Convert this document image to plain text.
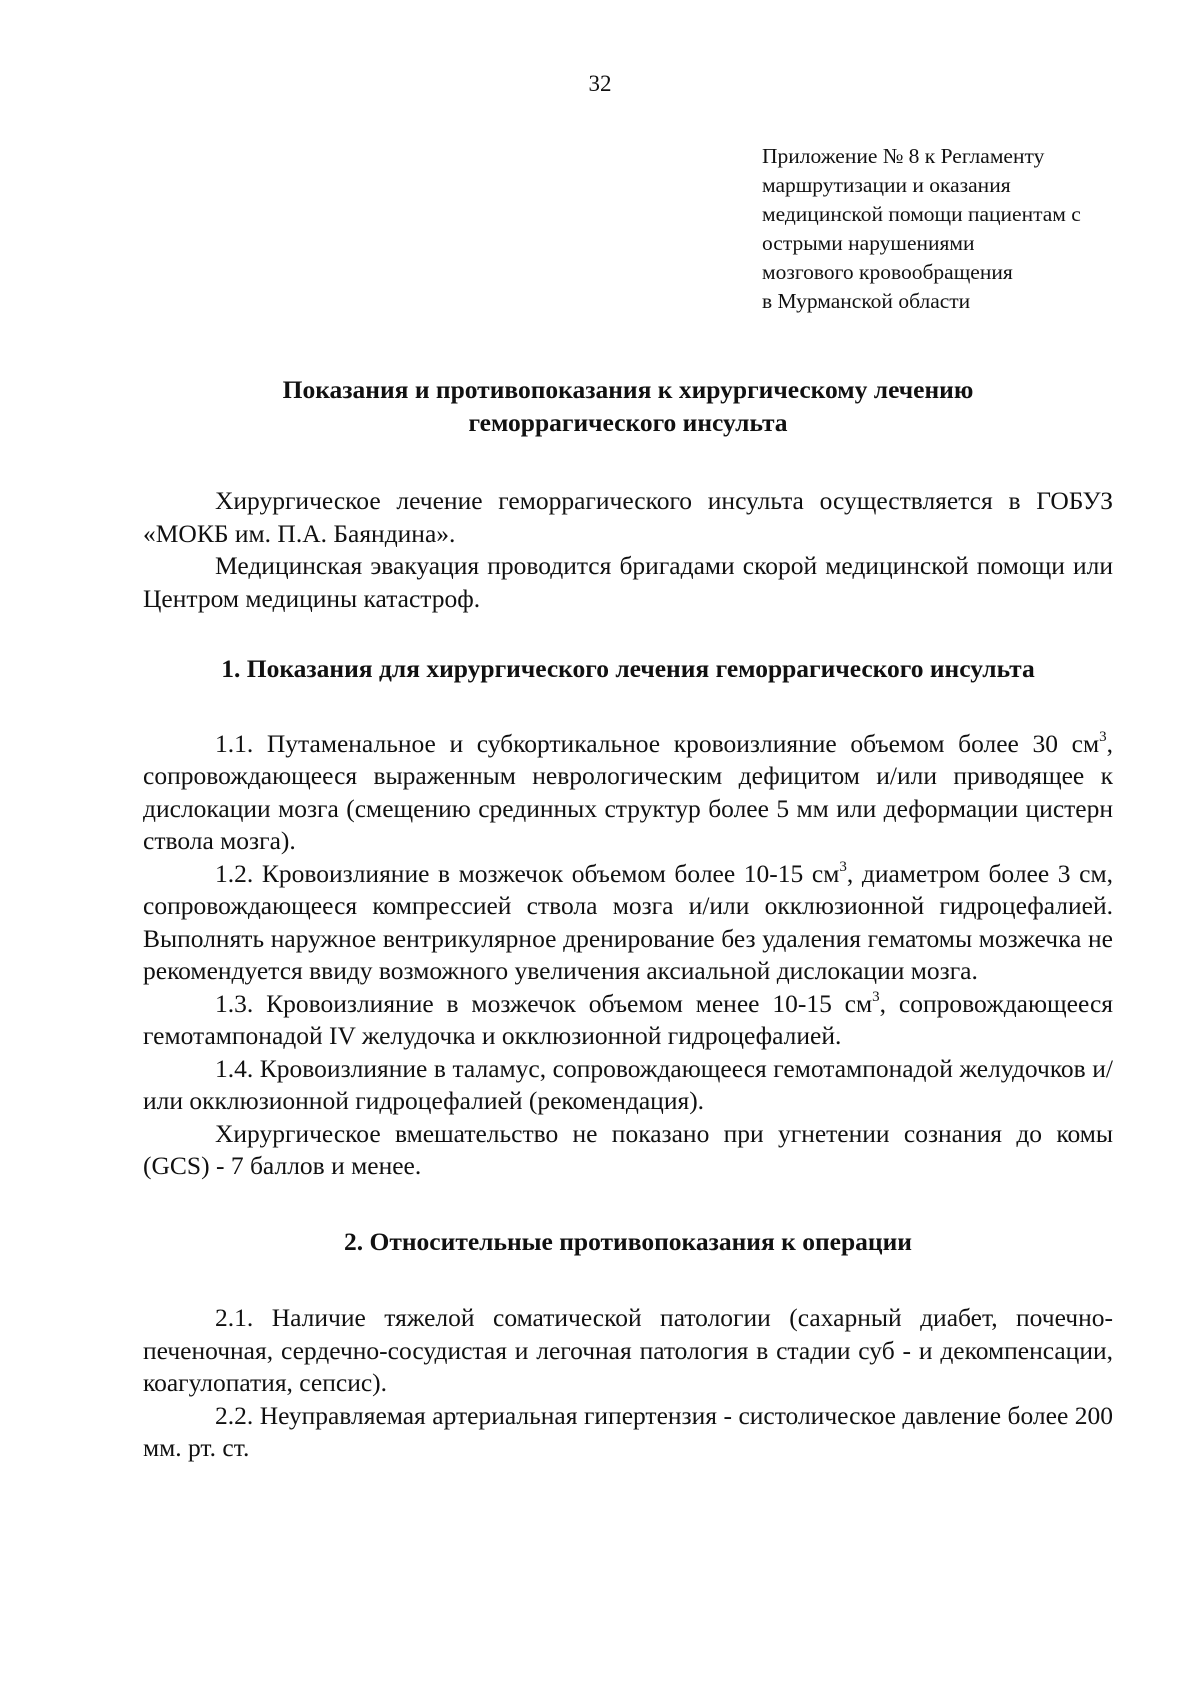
32
Приложение № 8 к Регламенту
маршрутизации и оказания
медицинской помощи пациентам с
острыми нарушениями
мозгового кровообращения
в Мурманской области
Показания и противопоказания к хирургическому лечению
геморрагического инсульта

Хирургическое лечение геморрагического инсульта осуществляется в ГОБУЗ «МОКБ им. П.А. Баяндина».

Медицинская эвакуация проводится бригадами скорой медицинской помощи или Центром медицины катастроф.

1. Показания для хирургического лечения геморрагического инсульта

1.1. Путаменальное и субкортикальное кровоизлияние объемом более 30 $см^3$, сопровождающееся выраженным неврологическим дефицитом и/или приводящее к дислокации мозга (смещению срединных структур более 5 мм или деформации цистерн ствола мозга).

1.2. Кровоизлияние в мозжечок объемом более 10-15 $см^3$, диаметром более 3 см, сопровождающееся компрессией ствола мозга и/или окклюзионной гидроцефалией. Выполнять наружное вентрикулярное дренирование без удаления гематомы мозжечка не рекомендуется ввиду возможного увеличения аксиальной дислокации мозга.

1.3. Кровоизлияние в мозжечок объемом менее 10-15 $см^3$, сопровождающееся гемотампонадой IV желудочка и окклюзионной гидроцефалией.

1.4. Кровоизлияние в таламус, сопровождающееся гемотампонадой желудочков и/или окклюзионной гидроцефалией (рекомендация).

Хирургическое вмешательство не показано при угнетении сознания до комы (GCS) - 7 баллов и менее.

2. Относительные противопоказания к операции

2.1. Наличие тяжелой соматической патологии (сахарный диабет, почечно-печеночная, сердечно-сосудистая и легочная патология в стадии суб - и декомпенсации, коагулопатия, сепсис).

2.2. Неуправляемая артериальная гипертензия - систолическое давление более 200 мм. рт. ст.
